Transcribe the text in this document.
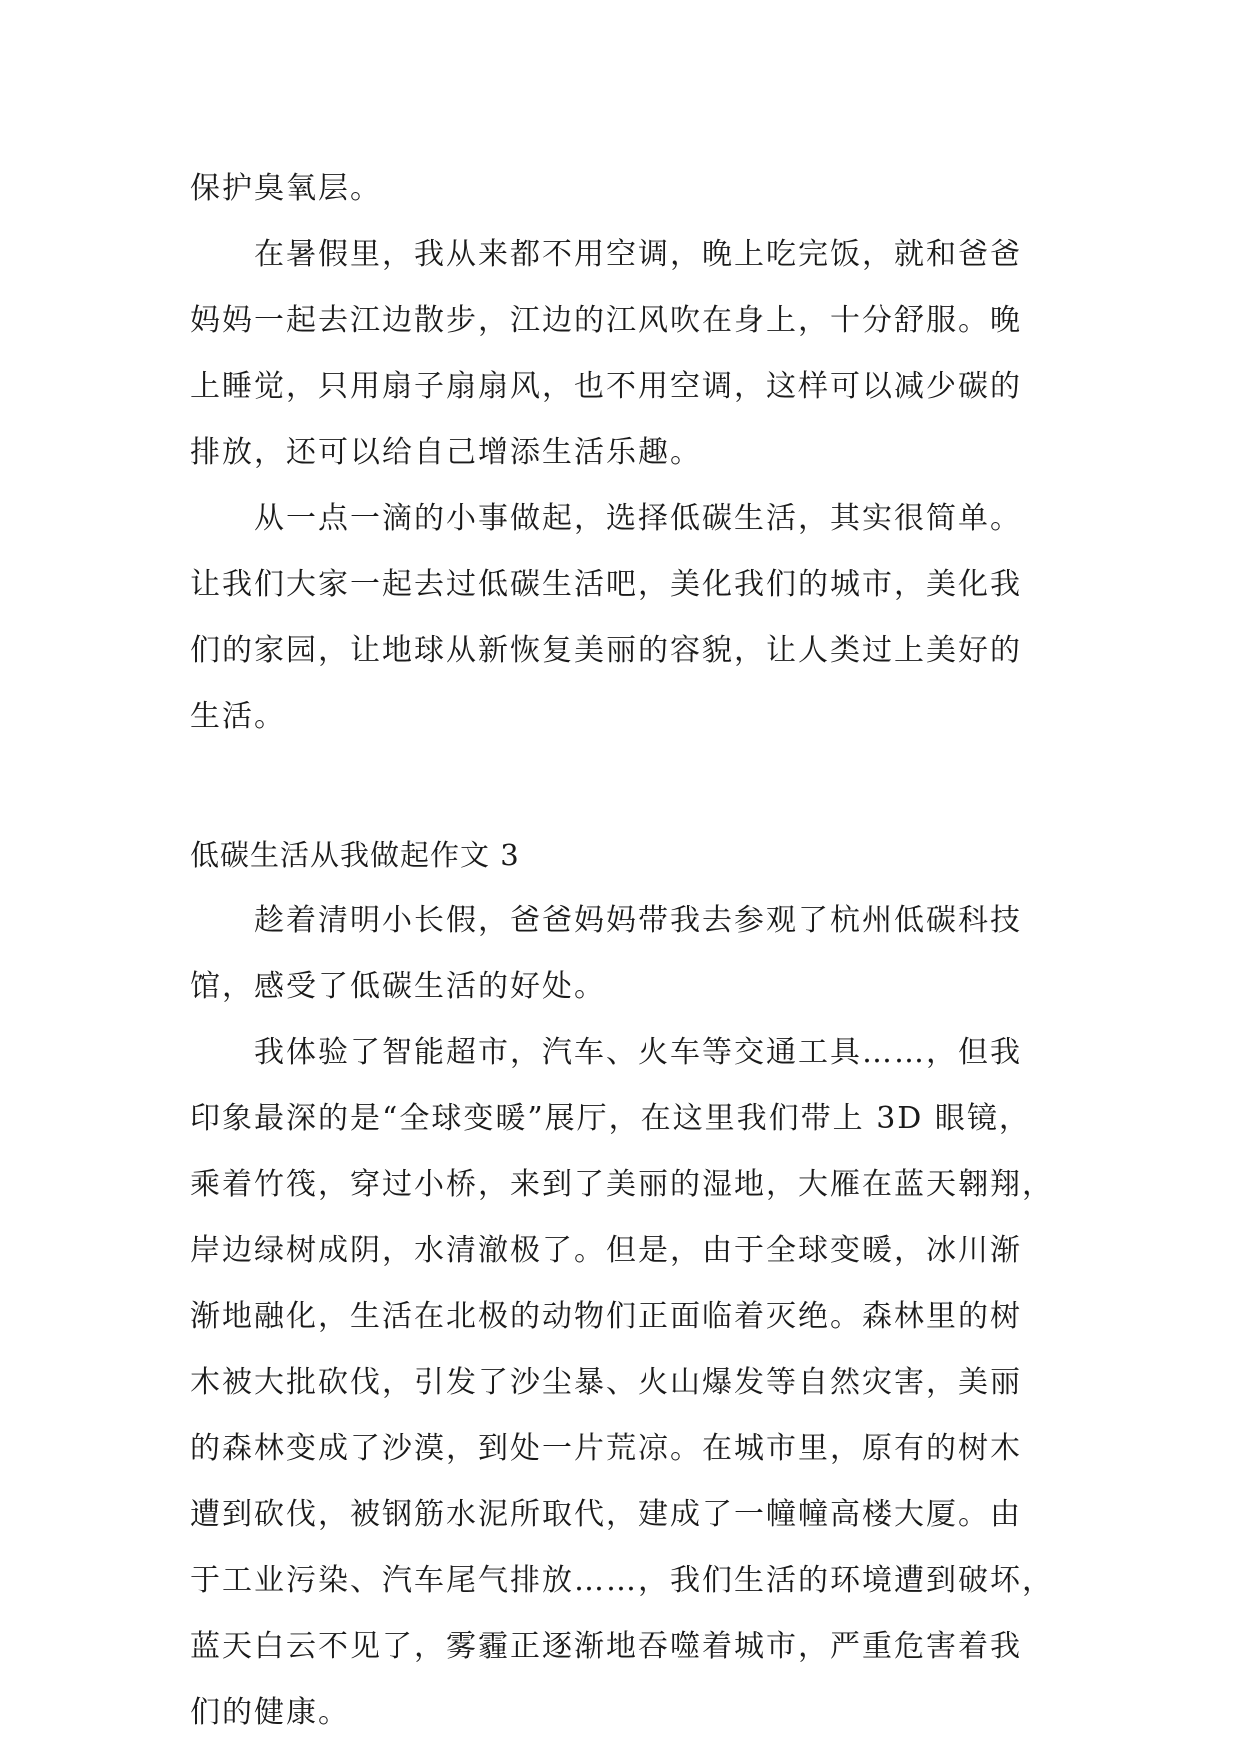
保护臭氧层。
在暑假里，我从来都不用空调，晚上吃完饭，就和爸爸
妈妈一起去江边散步，江边的江风吹在身上，十分舒服。晚
上睡觉，只用扇子扇扇风，也不用空调，这样可以减少碳的
排放，还可以给自己增添生活乐趣。
从一点一滴的小事做起，选择低碳生活，其实很简单。
让我们大家一起去过低碳生活吧，美化我们的城市，美化我
们的家园，让地球从新恢复美丽的容貌，让人类过上美好的
生活。
低碳生活从我做起作文 3
趁着清明小长假，爸爸妈妈带我去参观了杭州低碳科技
馆，感受了低碳生活的好处。
我体验了智能超市，汽车、火车等交通工具……，但我
印象最深的是“全球变暖”展厅，在这里我们带上 3D 眼镜，
乘着竹筏，穿过小桥，来到了美丽的湿地，大雁在蓝天翱翔，
岸边绿树成阴，水清澈极了。但是，由于全球变暖，冰川渐
渐地融化，生活在北极的动物们正面临着灭绝。森林里的树
木被大批砍伐，引发了沙尘暴、火山爆发等自然灾害，美丽
的森林变成了沙漠，到处一片荒凉。在城市里，原有的树木
遭到砍伐，被钢筋水泥所取代，建成了一幢幢高楼大厦。由
于工业污染、汽车尾气排放……，我们生活的环境遭到破坏，
蓝天白云不见了，雾霾正逐渐地吞噬着城市，严重危害着我
们的健康。
